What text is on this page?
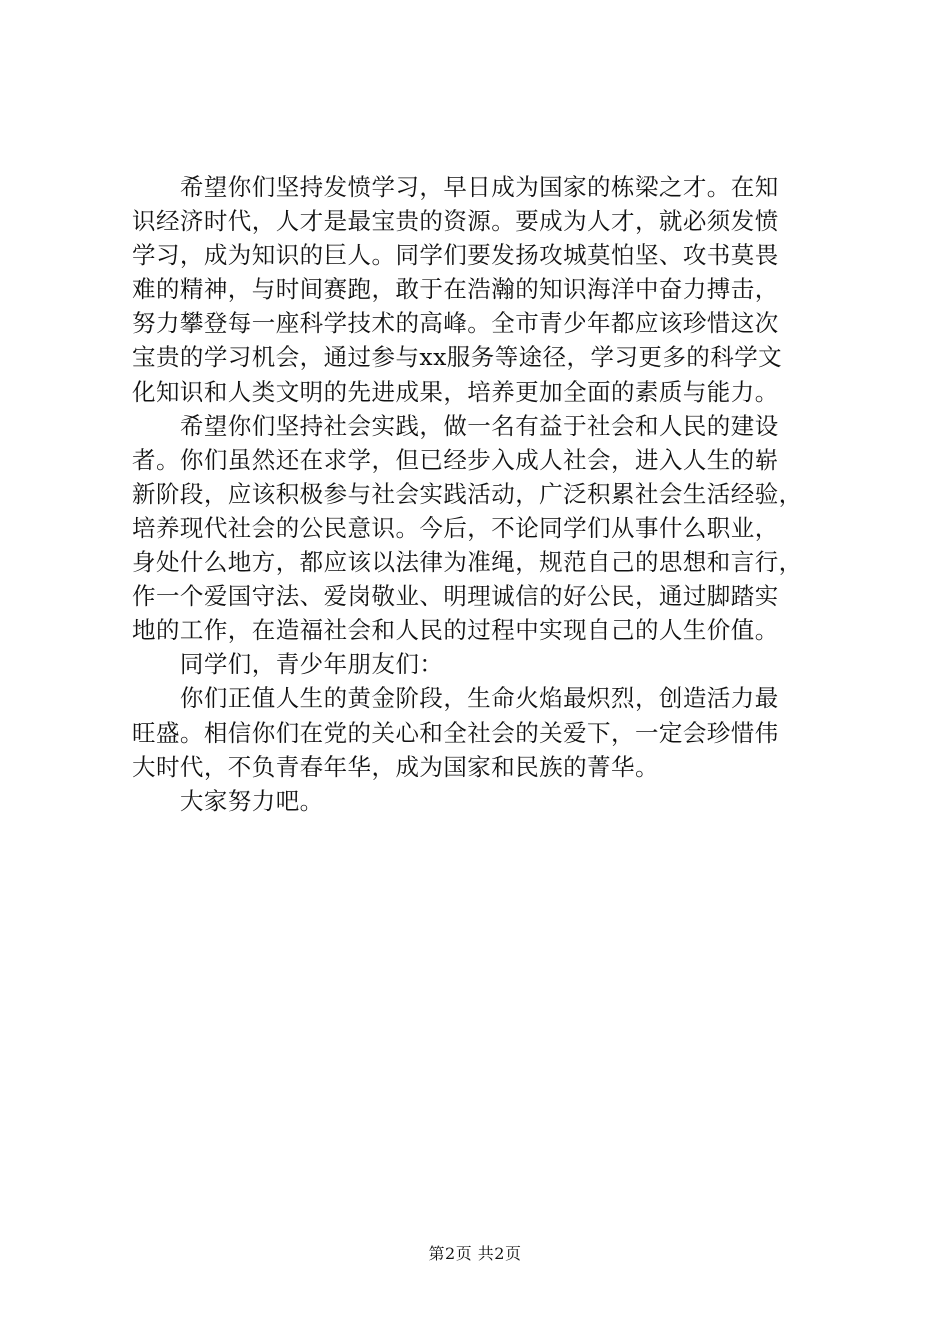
　　希望你们坚持发愤学习，早日成为国家的栋梁之才。在知
识经济时代，人才是最宝贵的资源。要成为人才，就必须发愤
学习，成为知识的巨人。同学们要发扬攻城莫怕坚、攻书莫畏
难的精神，与时间赛跑，敢于在浩瀚的知识海洋中奋力搏击，
努力攀登每一座科学技术的高峰。全市青少年都应该珍惜这次
宝贵的学习机会，通过参与xx服务等途径，学习更多的科学文
化知识和人类文明的先进成果，培养更加全面的素质与能力。
　　希望你们坚持社会实践，做一名有益于社会和人民的建设
者。你们虽然还在求学，但已经步入成人社会，进入人生的崭
新阶段，应该积极参与社会实践活动，广泛积累社会生活经验，
培养现代社会的公民意识。今后，不论同学们从事什么职业，
身处什么地方，都应该以法律为准绳，规范自己的思想和言行，
作一个爱国守法、爱岗敬业、明理诚信的好公民，通过脚踏实
地的工作，在造福社会和人民的过程中实现自己的人生价值。
　　同学们，青少年朋友们：
　　你们正值人生的黄金阶段，生命火焰最炽烈，创造活力最
旺盛。相信你们在党的关心和全社会的关爱下，一定会珍惜伟
大时代，不负青春年华，成为国家和民族的菁华。
　　大家努力吧。
第2页 共2页
